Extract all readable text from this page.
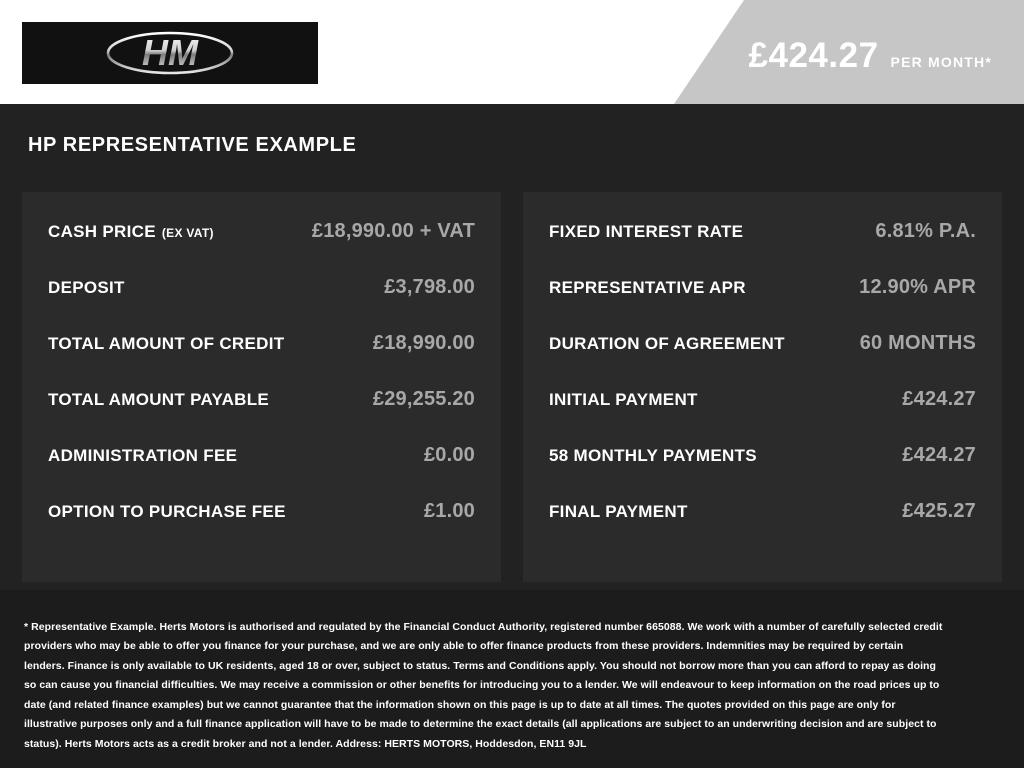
HM	£424.27 PER MONTH*
HP REPRESENTATIVE EXAMPLE
CASH PRICE (EX VAT)	£18,990.00 + VAT
DEPOSIT	£3,798.00
TOTAL AMOUNT OF CREDIT	£18,990.00
TOTAL AMOUNT PAYABLE	£29,255.20
ADMINISTRATION FEE	£0.00
OPTION TO PURCHASE FEE	£1.00
FIXED INTEREST RATE	6.81% P.A.
REPRESENTATIVE APR	12.90% APR
DURATION OF AGREEMENT	60 MONTHS
INITIAL PAYMENT	£424.27
58 MONTHLY PAYMENTS	£424.27
FINAL PAYMENT	£425.27
* Representative Example. Herts Motors is authorised and regulated by the Financial Conduct Authority, registered number 665088. We work with a number of carefully selected credit providers who may be able to offer you finance for your purchase, and we are only able to offer finance products from these providers. Indemnities may be required by certain lenders. Finance is only available to UK residents, aged 18 or over, subject to status. Terms and Conditions apply. You should not borrow more than you can afford to repay as doing so can cause you financial difficulties. We may receive a commission or other benefits for introducing you to a lender. We will endeavour to keep information on the road prices up to date (and related finance examples) but we cannot guarantee that the information shown on this page is up to date at all times. The quotes provided on this page are only for illustrative purposes only and a full finance application will have to be made to determine the exact details (all applications are subject to an underwriting decision and are subject to status). Herts Motors acts as a credit broker and not a lender. Address: HERTS MOTORS, Hoddesdon, EN11 9JL
